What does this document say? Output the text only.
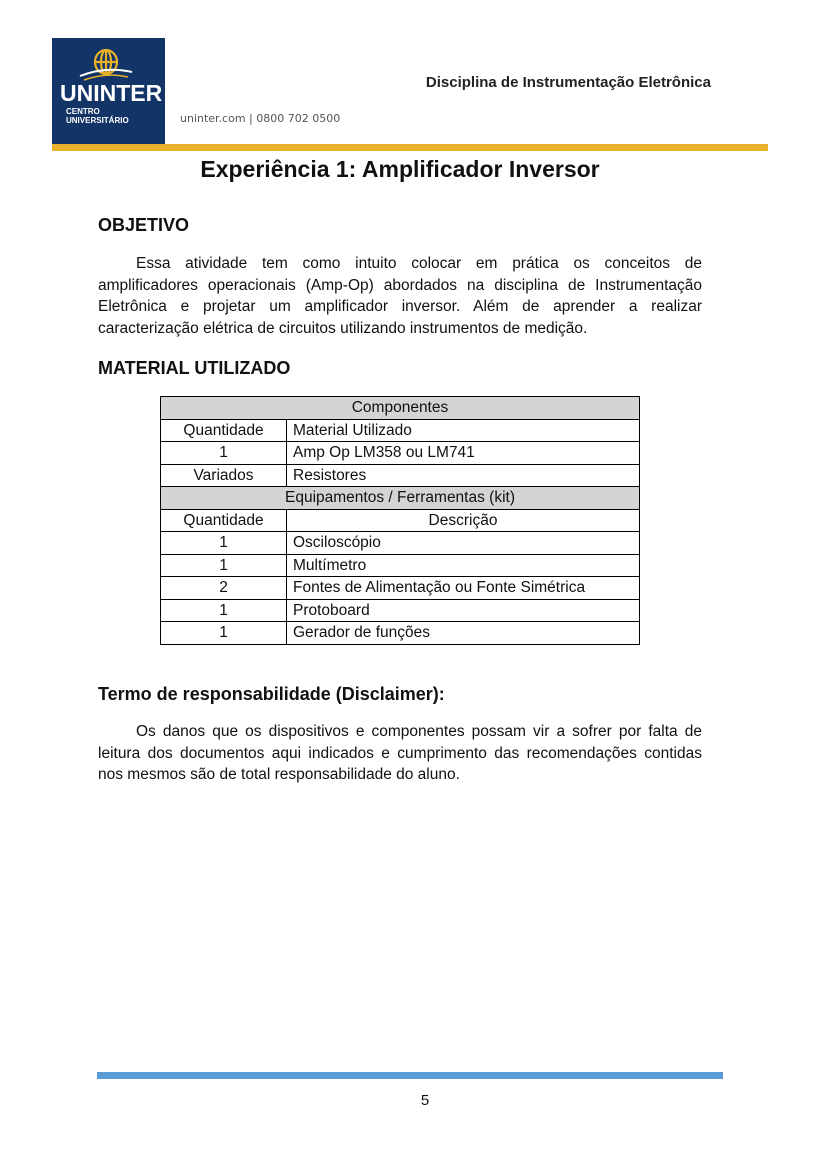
UNINTER
CENTRO
UNIVERSITÁRIO	uninter.com | 0800 702 0500
Disciplina de Instrumentação Eletrônica
Experiência 1: Amplificador Inversor
OBJETIVO
Essa atividade tem como intuito colocar em prática os conceitos de amplificadores operacionais (Amp-Op) abordados na disciplina de Instrumentação Eletrônica e projetar um amplificador inversor. Além de aprender a realizar caracterização elétrica de circuitos utilizando instrumentos de medição.
MATERIAL UTILIZADO
Componentes	
Quantidade	Material Utilizado
1	Amp Op LM358 ou LM741
Variados	Resistores
Equipamentos / Ferramentas (kit)	
Quantidade	Descrição
1	Osciloscópio
1	Multímetro
2	Fontes de Alimentação ou Fonte Simétrica
1	Protoboard
1	Gerador de funções
Termo de responsabilidade (Disclaimer):
Os danos que os dispositivos e componentes possam vir a sofrer por falta de leitura dos documentos aqui indicados e cumprimento das recomendações contidas nos mesmos são de total responsabilidade do aluno.
5
